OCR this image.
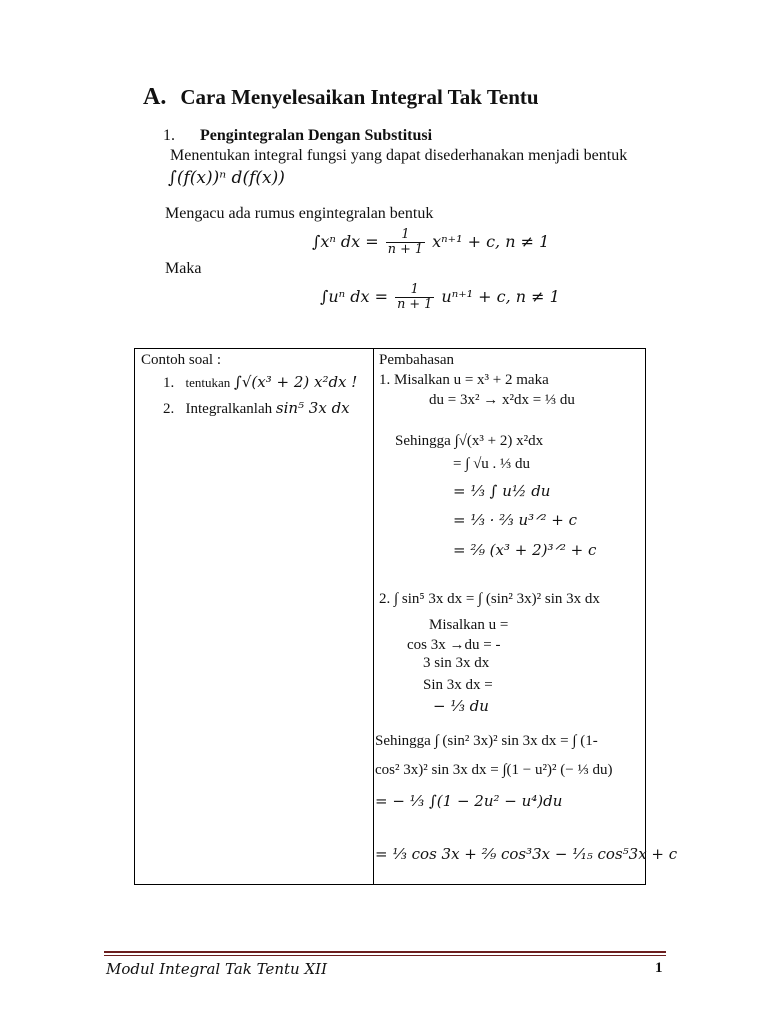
A. Cara Menyelesaikan Integral Tak Tentu
1. Pengintegralan Dengan Substitusi
Menentukan integral fungsi yang dapat disederhanakan menjadi bentuk
∫(f(x))ⁿ d(f(x))
Mengacu ada rumus engintegralan bentuk
∫xⁿ dx = $\frac{1}{n + 1} x^{n+1} + c$, n ≠ 1
Maka
∫uⁿ dx = $\frac{1}{n + 1} u^{n+1} + c$, n ≠ 1
Contoh soal :
1. tentukan ∫√(x³ + 2) x²dx !
2. Integralkanlah sin⁵ 3x dx
Pembahasan
1. Misalkan u = x³ + 2 maka
du = 3x² → x²dx = ⅓ du
Sehingga ∫√(x³ + 2) x²dx
= ∫ √u . ⅓ du
= ⅓ ∫ u½ du
= ⅓ · ⅔ u³ᐟ² + c
= ²⁄₉ (x³ + 2)³ᐟ² + c
2. ∫ sin⁵ 3x dx = ∫ (sin² 3x)² sin 3x dx
Misalkan u =
cos 3x →du = -
3 sin 3x dx
Sin 3x dx =
− ⅓ du
Sehingga ∫ (sin² 3x)² sin 3x dx = ∫ (1-
cos² 3x)² sin 3x dx = ∫(1 − u²)² (− ⅓ du)
= − ⅓ ∫(1 − 2u² − u⁴)du
= ⅓ cos 3x + ²⁄₉ cos³3x − ¹⁄₁₅ cos⁵3x + c
Modul Integral Tak Tentu XII	1
